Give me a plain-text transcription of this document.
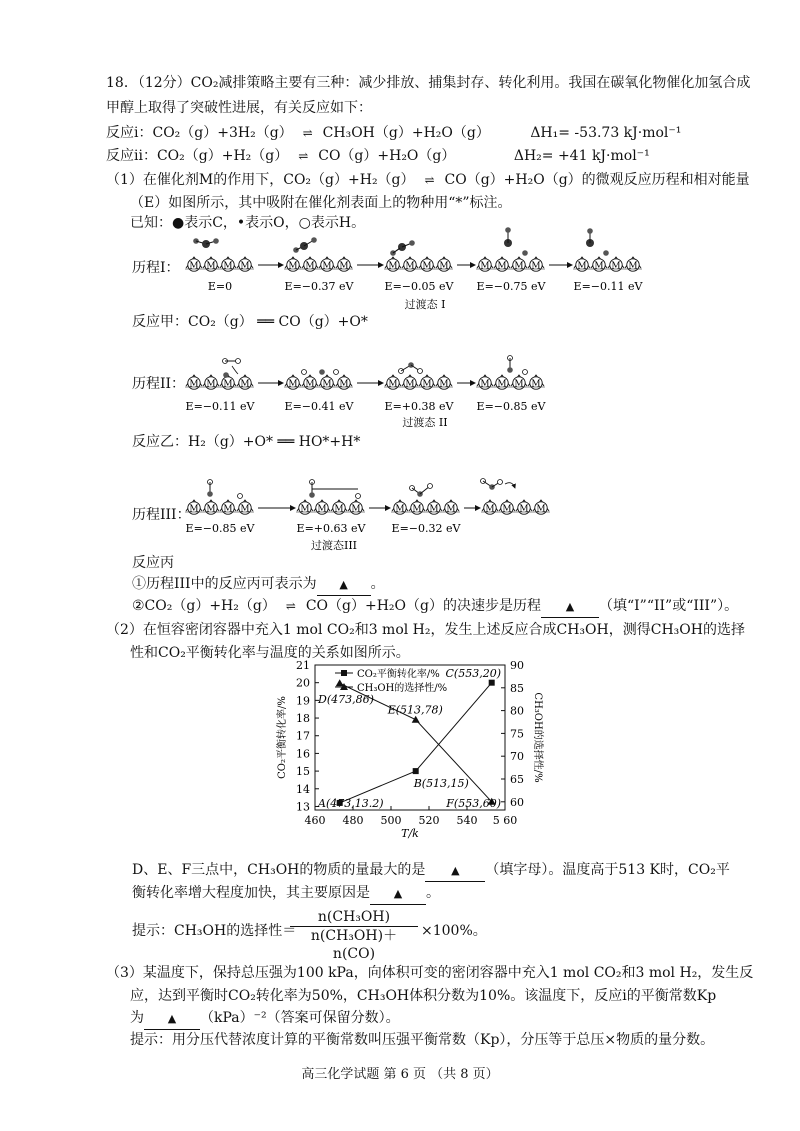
18．（12分）CO₂减排策略主要有三种：减少排放、捕集封存、转化利用。我国在碳氧化物催化加氢合成
甲醇上取得了突破性进展，有关反应如下：
反应i：CO₂（g）+3H₂（g） ⇌ CH₃OH（g）+H₂O（g）	ΔH₁= -53.73 kJ·mol⁻¹
反应ii：CO₂（g）+H₂（g） ⇌ CO（g）+H₂O（g）	ΔH₂= +41 kJ·mol⁻¹
（1）在催化剂M的作用下，CO₂（g）+H₂（g） ⇌ CO（g）+H₂O（g）的微观反应历程和相对能量
（E）如图所示，其中吸附在催化剂表面上的物种用“*”标注。
已知：●表示C，•表示O，○表示H。
M M M M
E=0
M M M M
E=−0.37 eV
M M M M
E=−0.05 eV
M M M M
E=−0.75 eV
M M M M
E=−0.11 eV
过渡态 I
M M M M
E=−0.11 eV
M M M M
E=−0.41 eV
M M M M
E=+0.38 eV
M M M M
E=−0.85 eV
过渡态 II
M M M M
E=−0.85 eV
M M M M
E=+0.63 eV
M M M M
E=−0.32 eV
M M M M
过渡态III
历程I：
反应甲：CO₂（g） ══ CO（g）+O*
历程II：
反应乙：H₂（g）+O* ══ HO*+H*
历程III：
反应丙
①历程III中的反应丙可表示为 ▲ 。
②CO₂（g）+H₂（g） ⇌ CO（g）+H₂O（g）的决速步是历程 ▲ （填“I”“II”或“III”）。
（2）在恒容密闭容器中充入1 mol CO₂和3 mol H₂，发生上述反应合成CH₃OH，测得CH₃OH的选择
性和CO₂平衡转化率与温度的关系如图所示。
460 480 500 520 540 5 60
T/k
13
14
15
16
17
18
19
20
21
60
65
70
75
80
85
90
CO₂平衡转化率/%	CH₃OH的选择性/%
A(473,13.2)
B(513,15)
C(553,20)
D(473,86)
E(513,78)
F(553,60)
CO₂平衡转化率/%
CH₃OH的选择性/%
D、E、F三点中，CH₃OH的物质的量最大的是 ▲ （填字母）。温度高于513 K时，CO₂平
衡转化率增大程度加快，其主要原因是 ▲ 。
提示：CH₃OH的选择性＝
$\frac{\text{n(CH₃OH)}}{\text{n(CH₃OH)＋n(CO)}} \times 100\%$。
（3）某温度下，保持总压强为100 kPa，向体积可变的密闭容器中充入1 mol CO₂和3 mol H₂，发生反
应，达到平衡时CO₂转化率为50%，CH₃OH体积分数为10%。该温度下，反应i的平衡常数Kp
为 ▲ （kPa）⁻²（答案可保留分数）。
提示：用分压代替浓度计算的平衡常数叫压强平衡常数（Kp），分压等于总压×物质的量分数。
高三化学试题 第 6 页 （共 8 页）
